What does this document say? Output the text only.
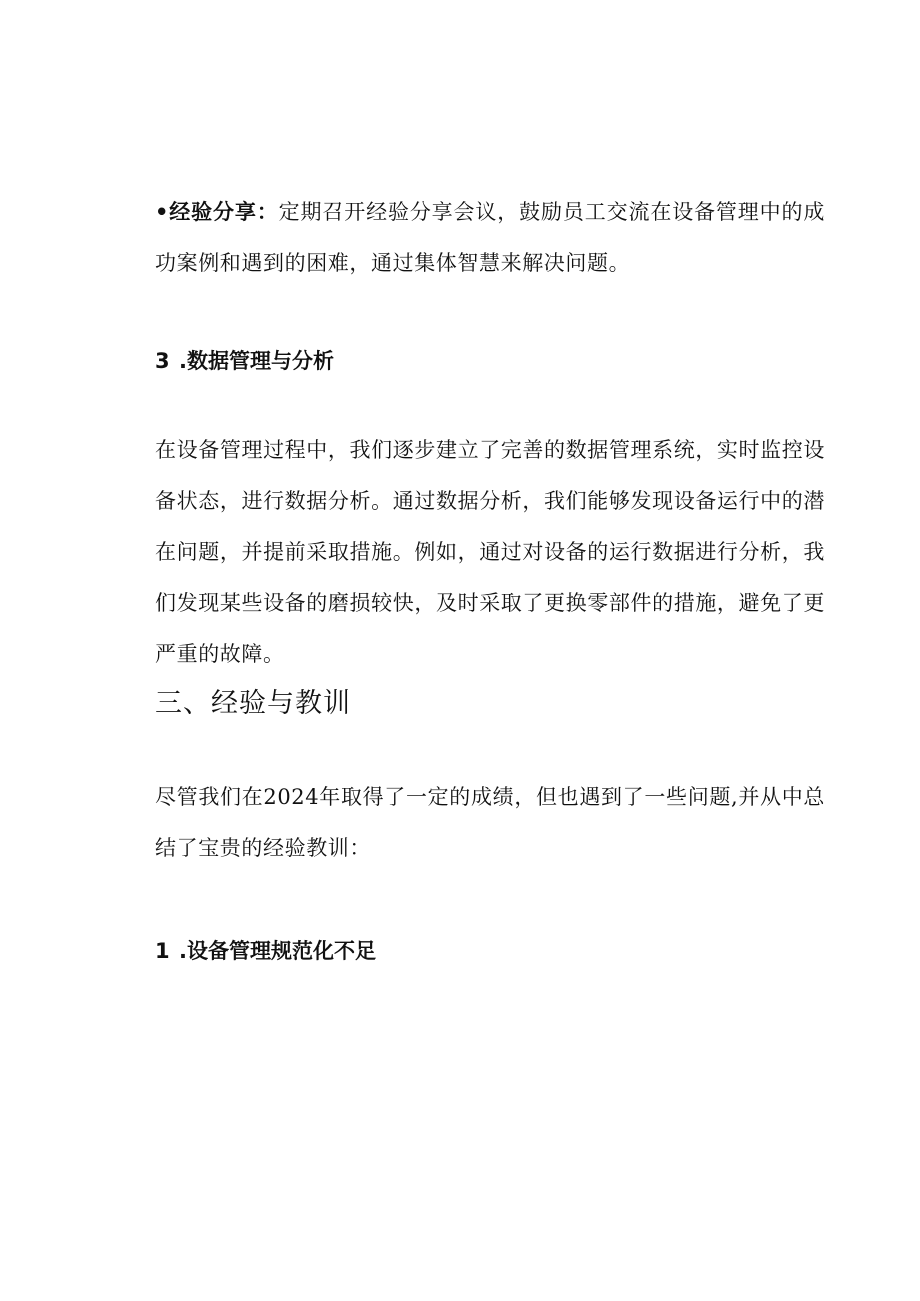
•经验分享：定期召开经验分享会议，鼓励员工交流在设备管理中的成功案例和遇到的困难，通过集体智慧来解决问题。
3 .数据管理与分析
在设备管理过程中，我们逐步建立了完善的数据管理系统，实时监控设备状态，进行数据分析。通过数据分析，我们能够发现设备运行中的潜在问题，并提前采取措施。例如，通过对设备的运行数据进行分析，我们发现某些设备的磨损较快，及时采取了更换零部件的措施，避免了更严重的故障。
三、经验与教训
尽管我们在2024年取得了一定的成绩，但也遇到了一些问题,并从中总结了宝贵的经验教训：
1 .设备管理规范化不足
